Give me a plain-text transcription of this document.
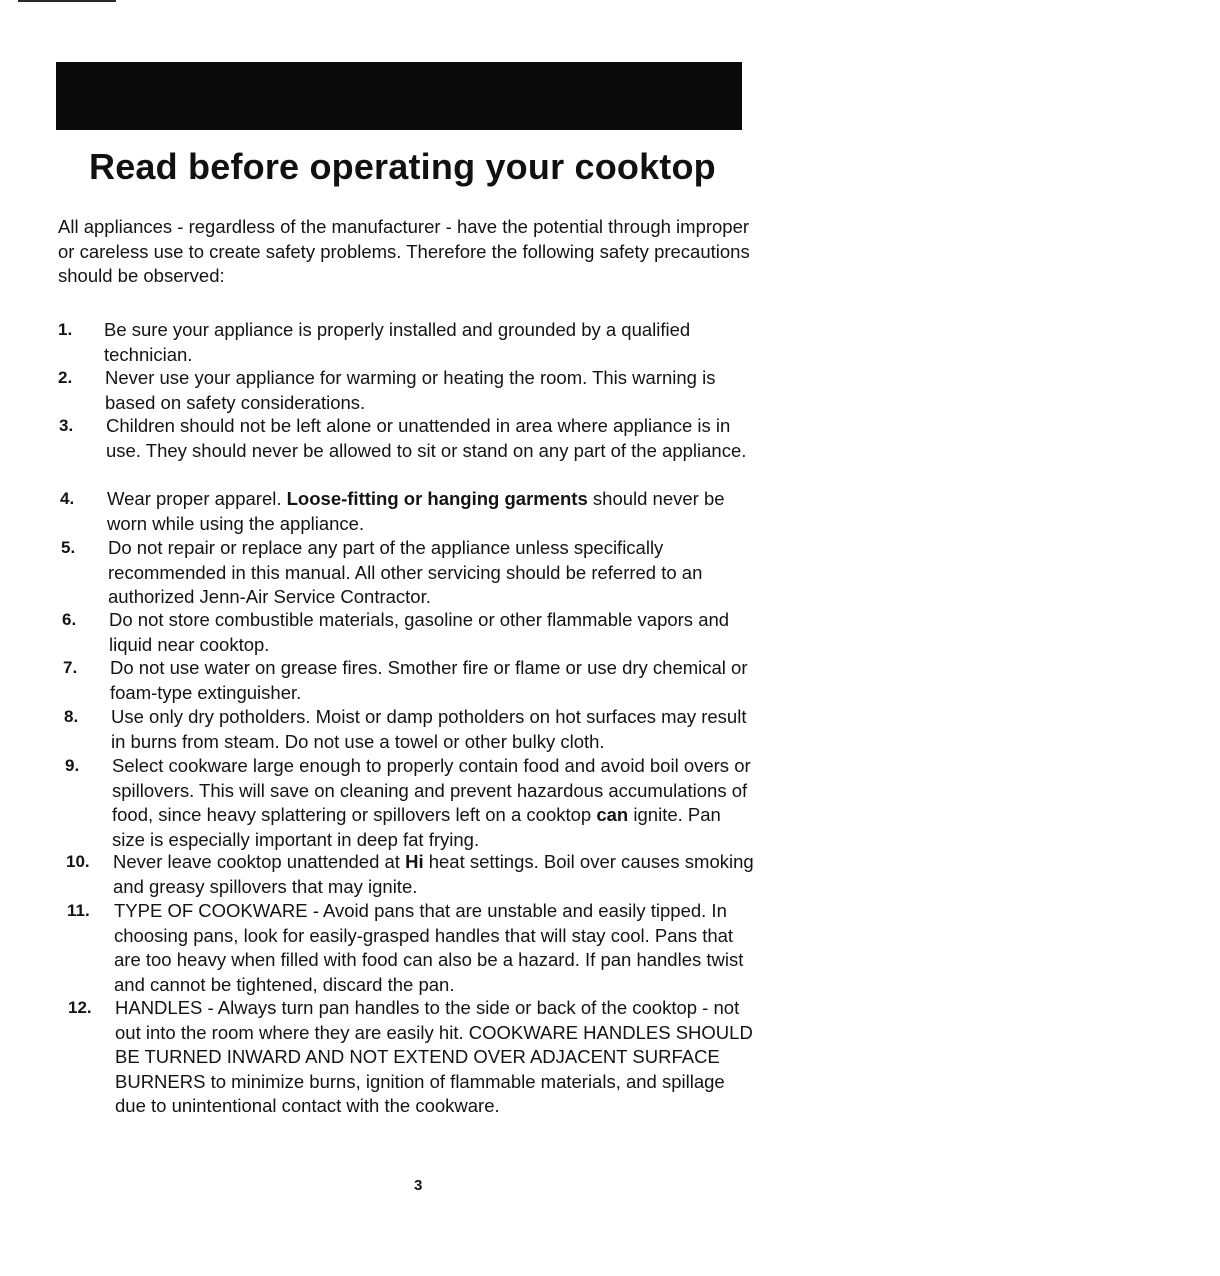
Read before operating your cooktop

All appliances - regardless of the manufacturer - have the potential through improper or careless use to create safety problems. Therefore the following safety precautions should be observed:

1.	Be sure your appliance is properly installed and grounded by a qualified technician.
2.	Never use your appliance for warming or heating the room. This warning is based on safety considerations.
3.	Children should not be left alone or unattended in area where appliance is in use. They should never be allowed to sit or stand on any part of the appliance.
4.	Wear proper apparel. Loose-fitting or hanging garments should never be worn while using the appliance.
5.	Do not repair or replace any part of the appliance unless specifically recommended in this manual. All other servicing should be referred to an authorized Jenn-Air Service Contractor.
6.	Do not store combustible materials, gasoline or other flammable vapors and liquid near cooktop.
7.	Do not use water on grease fires. Smother fire or flame or use dry chemical or foam-type extinguisher.
8.	Use only dry potholders. Moist or damp potholders on hot surfaces may result in burns from steam. Do not use a towel or other bulky cloth.
9.	Select cookware large enough to properly contain food and avoid boil overs or spillovers. This will save on cleaning and prevent hazardous accumulations of food, since heavy splattering or spillovers left on a cooktop can ignite. Pan size is especially important in deep fat frying.
10.	Never leave cooktop unattended at Hi heat settings. Boil over causes smoking and greasy spillovers that may ignite.
11.	TYPE OF COOKWARE - Avoid pans that are unstable and easily tipped. In choosing pans, look for easily-grasped handles that will stay cool. Pans that are too heavy when filled with food can also be a hazard. If pan handles twist and cannot be tightened, discard the pan.
12.	HANDLES - Always turn pan handles to the side or back of the cooktop - not out into the room where they are easily hit. COOKWARE HANDLES SHOULD BE TURNED INWARD AND NOT EXTEND OVER ADJACENT SURFACE BURNERS to minimize burns, ignition of flammable materials, and spillage due to unintentional contact with the cookware.
3
